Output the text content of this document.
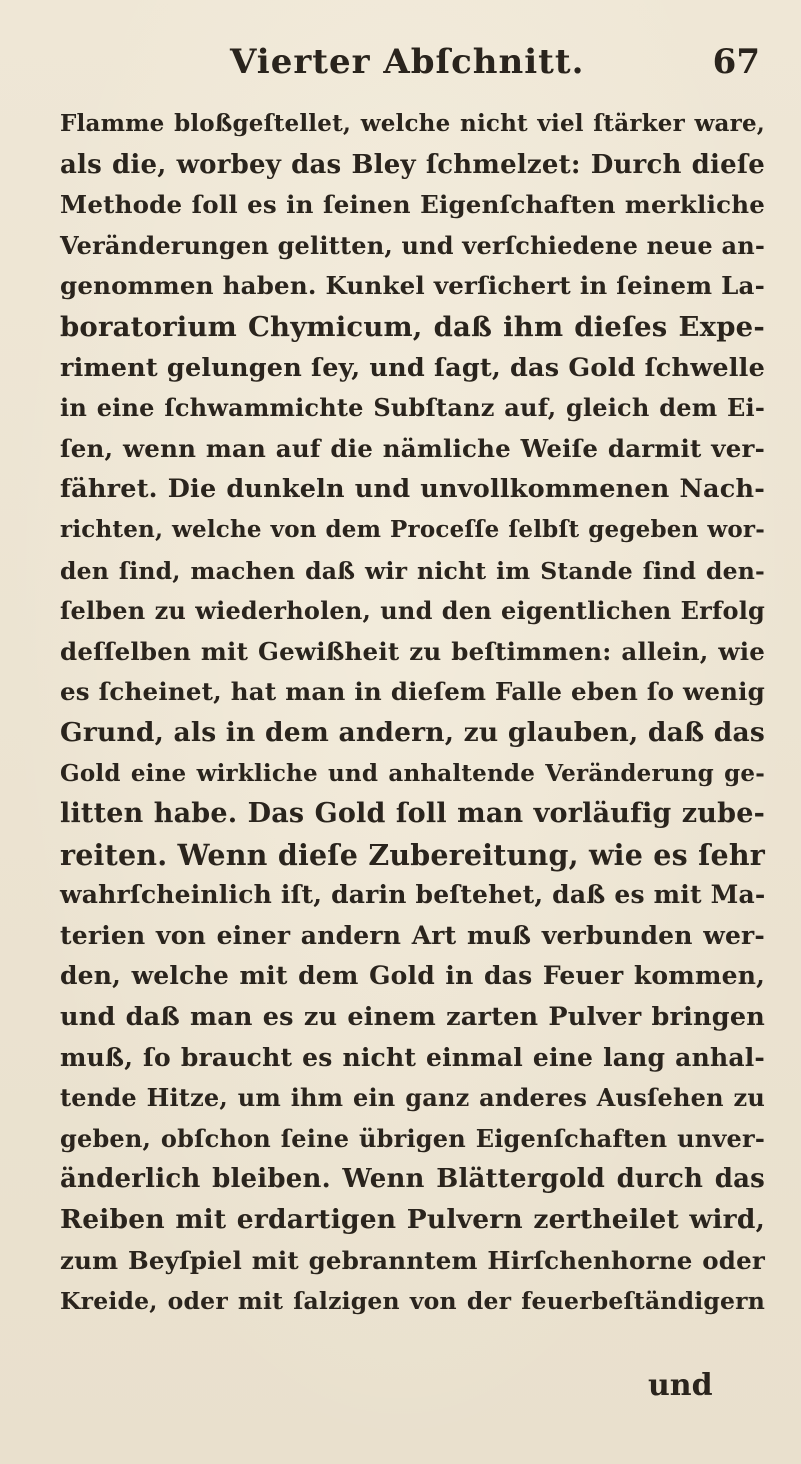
Vierter Abſchnitt.	67
Flamme bloßgeſtellet, welche nicht viel ſtärker ware,
als die, worbey das Bley ſchmelzet: Durch dieſe
Methode ſoll es in ſeinen Eigenſchaften merkliche
Veränderungen gelitten, und verſchiedene neue an-
genommen haben. Kunkel verſichert in ſeinem La-
boratorium Chymicum, daß ihm dieſes Expe-
riment gelungen ſey, und ſagt, das Gold ſchwelle
in eine ſchwammichte Subſtanz auf, gleich dem Ei-
ſen, wenn man auf die nämliche Weiſe darmit ver-
fähret. Die dunkeln und unvollkommenen Nach-
richten, welche von dem Proceſſe ſelbſt gegeben wor-
den ſind, machen daß wir nicht im Stande ſind den-
ſelben zu wiederholen, und den eigentlichen Erfolg
deſſelben mit Gewißheit zu beſtimmen: allein, wie
es ſcheinet, hat man in dieſem Falle eben ſo wenig
Grund, als in dem andern, zu glauben, daß das
Gold eine wirkliche und anhaltende Veränderung ge-
litten habe. Das Gold ſoll man vorläufig zube-
reiten. Wenn dieſe Zubereitung, wie es ſehr
wahrſcheinlich iſt, darin beſtehet, daß es mit Ma-
terien von einer andern Art muß verbunden wer-
den, welche mit dem Gold in das Feuer kommen,
und daß man es zu einem zarten Pulver bringen
muß, ſo braucht es nicht einmal eine lang anhal-
tende Hitze, um ihm ein ganz anderes Ausſehen zu
geben, obſchon ſeine übrigen Eigenſchaften unver-
änderlich bleiben. Wenn Blättergold durch das
Reiben mit erdartigen Pulvern zertheilet wird,
zum Beyſpiel mit gebranntem Hirſchenhorne oder
Kreide, oder mit ſalzigen von der feuerbeſtändigern
und
